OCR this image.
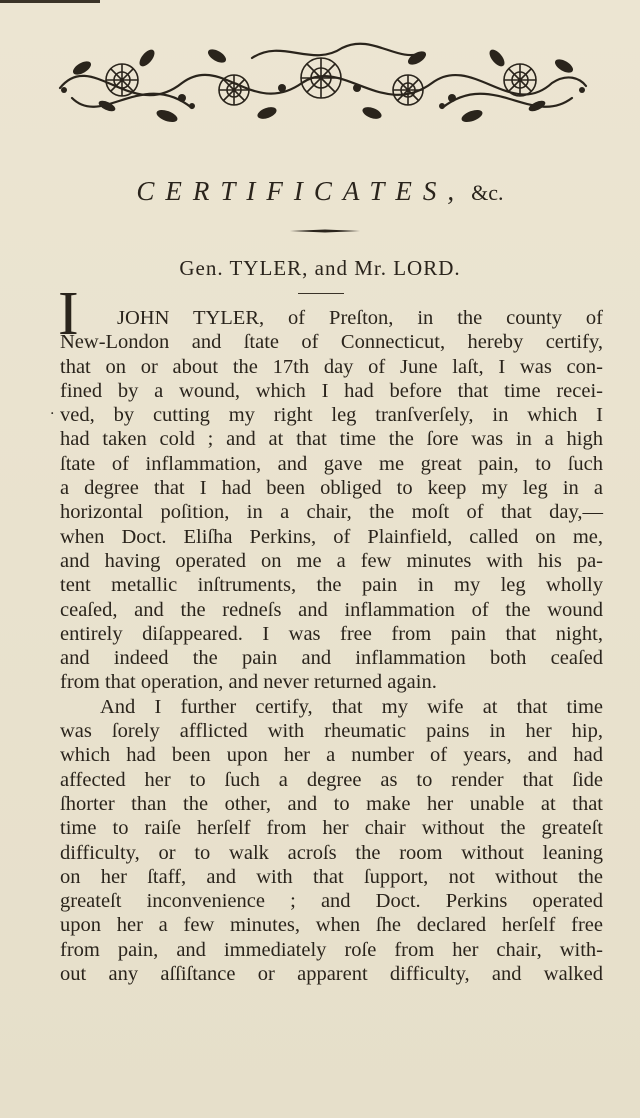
CERTIFICATES, &c.
Gen. TYLER, and Mr. LORD.
I
.
JOHN TYLER, of Preſton, in the county of
New-London and ſtate of Connecticut, hereby certify,
that on or about the 17th day of June laſt, I was con-
fined by a wound, which I had before that time recei-
ved, by cutting my right leg tranſverſely, in which I
had taken cold ; and at that time the ſore was in a high
ſtate of inflammation, and gave me great pain, to ſuch
a degree that I had been obliged to keep my leg in a
horizontal poſition, in a chair, the moſt of that day,—
when Doct. Eliſha Perkins, of Plainfield, called on me,
and having operated on me a few minutes with his pa-
tent metallic inſtruments, the pain in my leg wholly
ceaſed, and the redneſs and inflammation of the wound
entirely diſappeared. I was free from pain that night,
and indeed the pain and inflammation both ceaſed
from that operation, and never returned again.
And I further certify, that my wife at that time
was ſorely afflicted with rheumatic pains in her hip,
which had been upon her a number of years, and had
affected her to ſuch a degree as to render that ſide
ſhorter than the other, and to make her unable at that
time to raiſe herſelf from her chair without the greateſt
difficulty, or to walk acroſs the room without leaning
on her ſtaff, and with that ſupport, not without the
greateſt inconvenience ; and Doct. Perkins operated
upon her a few minutes, when ſhe declared herſelf free
from pain, and immediately roſe from her chair, with-
out any aſſiſtance or apparent difficulty, and walked
